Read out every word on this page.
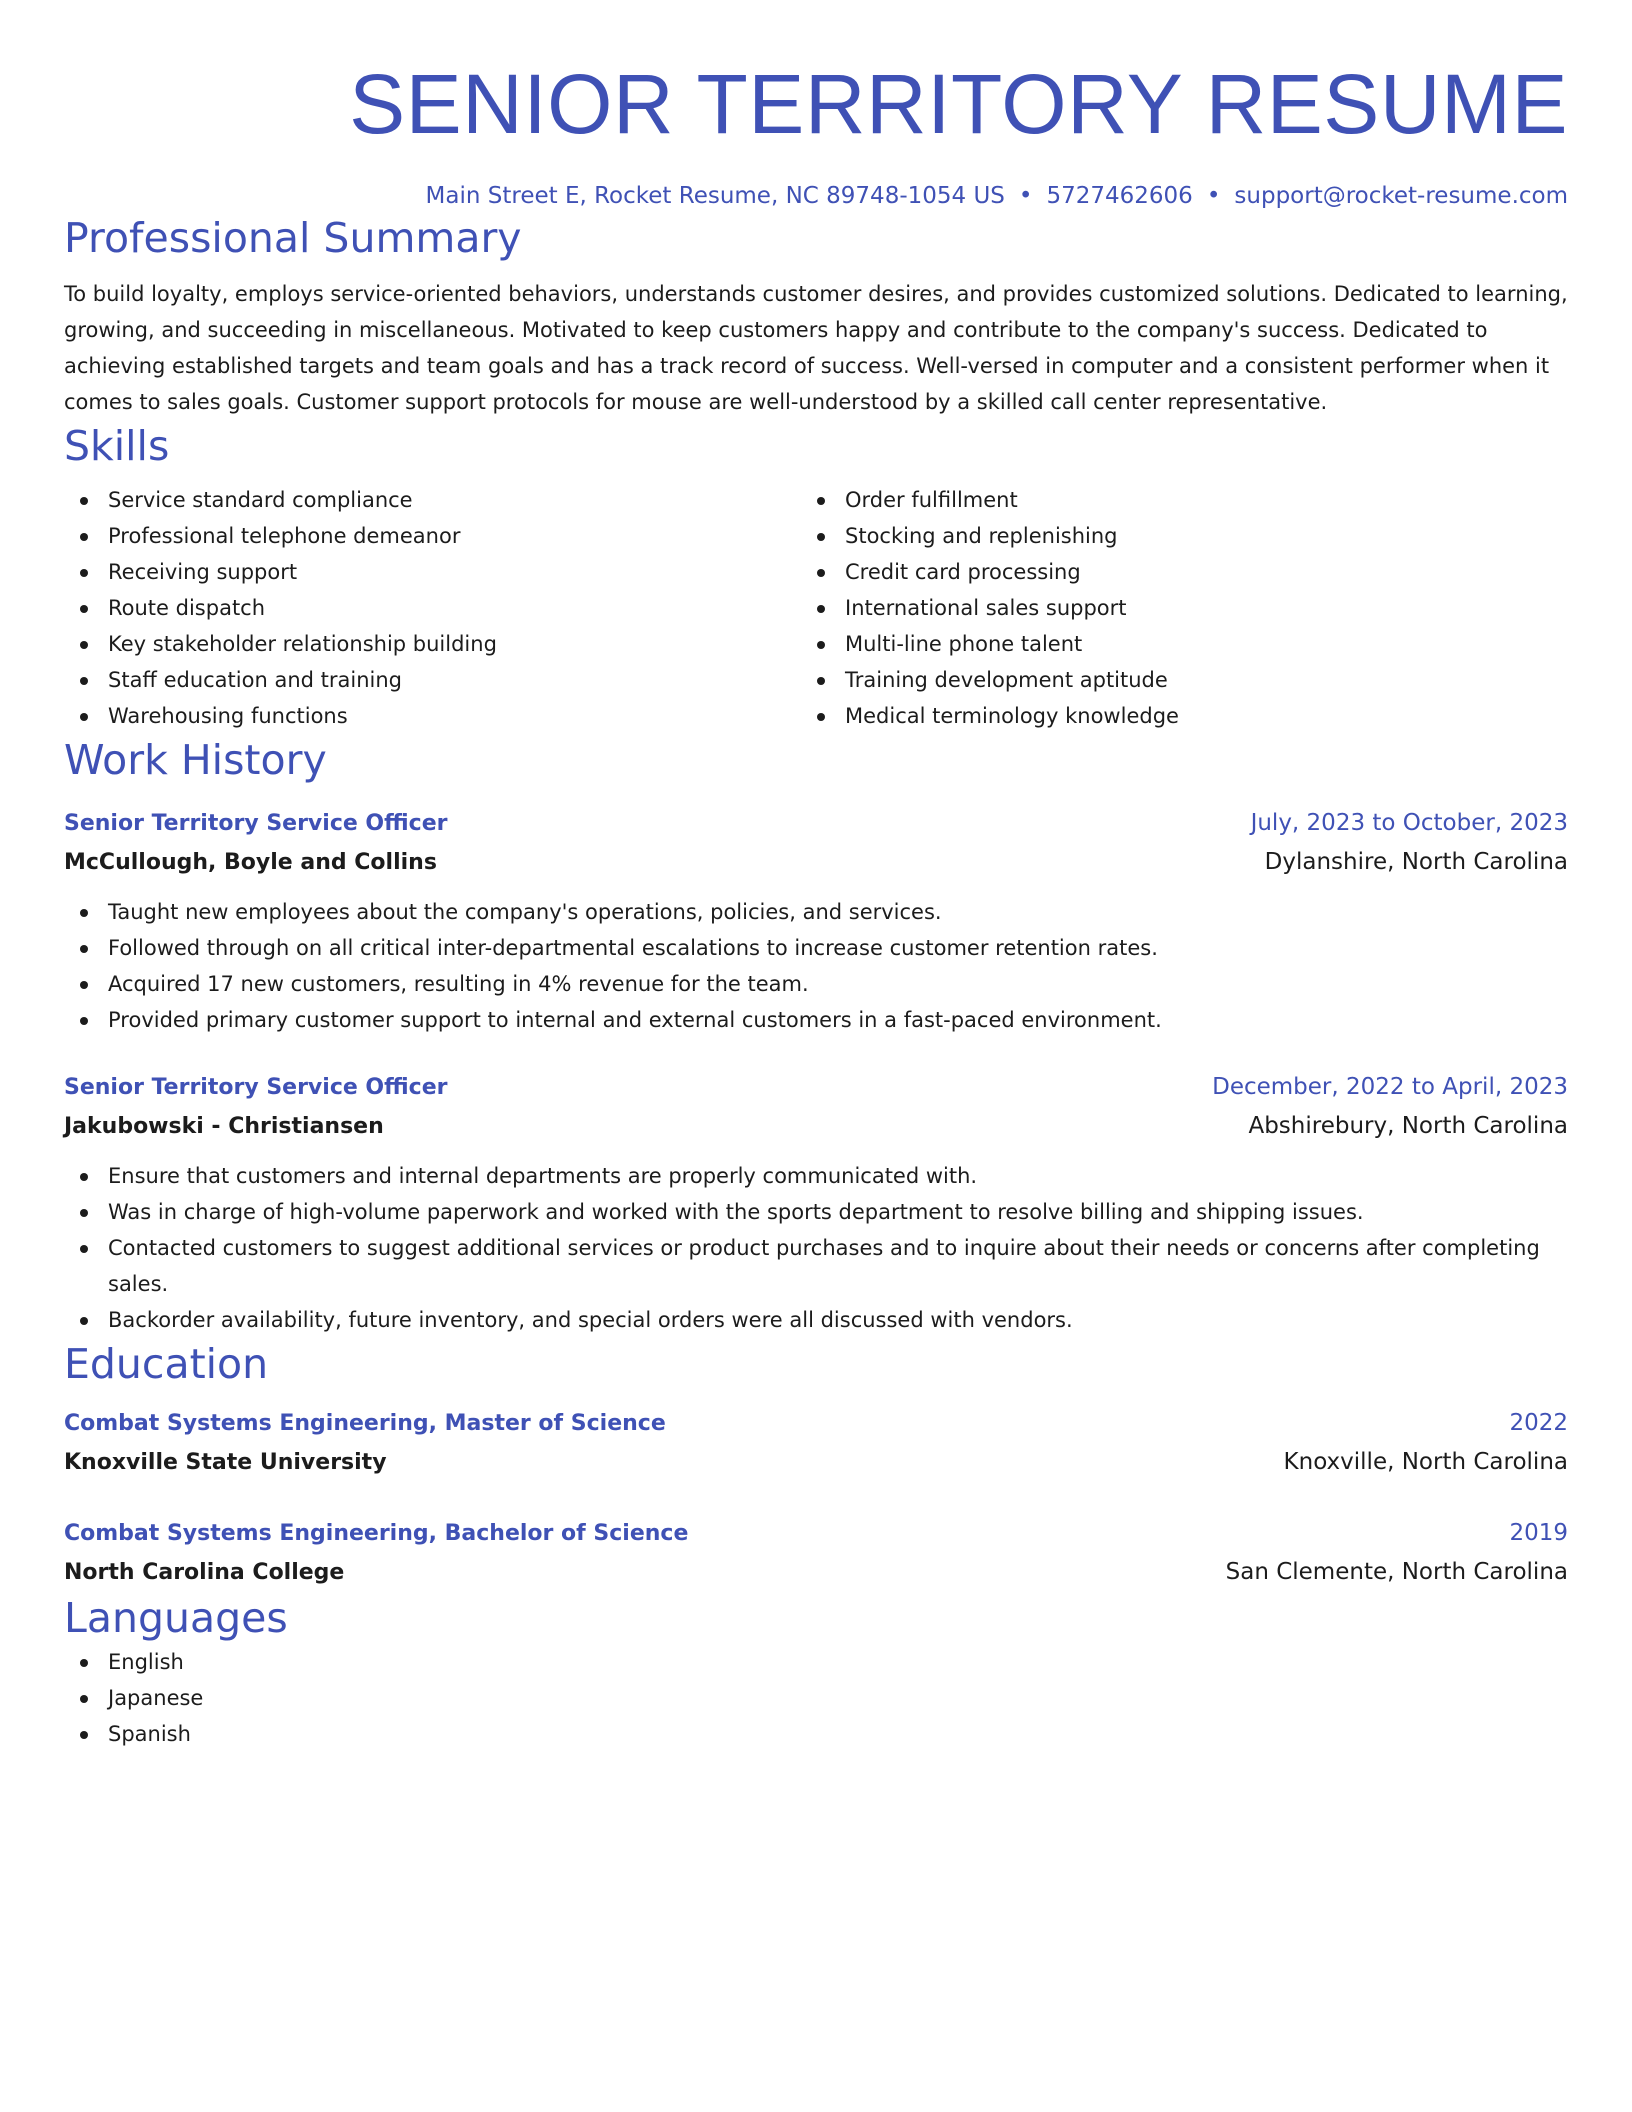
SENIOR TERRITORY RESUME
Main Street E, Rocket Resume, NC 89748-1054 US • 5727462606 • support@rocket-resume.com
Professional Summary
To build loyalty, employs service-oriented behaviors, understands customer desires, and provides customized solutions. Dedicated to learning, growing, and succeeding in miscellaneous. Motivated to keep customers happy and contribute to the company's success. Dedicated to achieving established targets and team goals and has a track record of success. Well-versed in computer and a consistent performer when it comes to sales goals. Customer support protocols for mouse are well-understood by a skilled call center representative.
Skills
Service standard compliance
Professional telephone demeanor
Receiving support
Route dispatch
Key stakeholder relationship building
Staff education and training
Warehousing functions
Order fulfillment
Stocking and replenishing
Credit card processing
International sales support
Multi-line phone talent
Training development aptitude
Medical terminology knowledge
Work History
Senior Territory Service Officer	July, 2023 to October, 2023
McCullough, Boyle and Collins	Dylanshire, North Carolina
Taught new employees about the company's operations, policies, and services.
Followed through on all critical inter-departmental escalations to increase customer retention rates.
Acquired 17 new customers, resulting in 4% revenue for the team.
Provided primary customer support to internal and external customers in a fast-paced environment.
Senior Territory Service Officer	December, 2022 to April, 2023
Jakubowski - Christiansen	Abshirebury, North Carolina
Ensure that customers and internal departments are properly communicated with.
Was in charge of high-volume paperwork and worked with the sports department to resolve billing and shipping issues.
Contacted customers to suggest additional services or product purchases and to inquire about their needs or concerns after completing sales.
Backorder availability, future inventory, and special orders were all discussed with vendors.
Education
Combat Systems Engineering, Master of Science	2022
Knoxville State University	Knoxville, North Carolina
Combat Systems Engineering, Bachelor of Science	2019
North Carolina College	San Clemente, North Carolina
Languages
English
Japanese
Spanish
